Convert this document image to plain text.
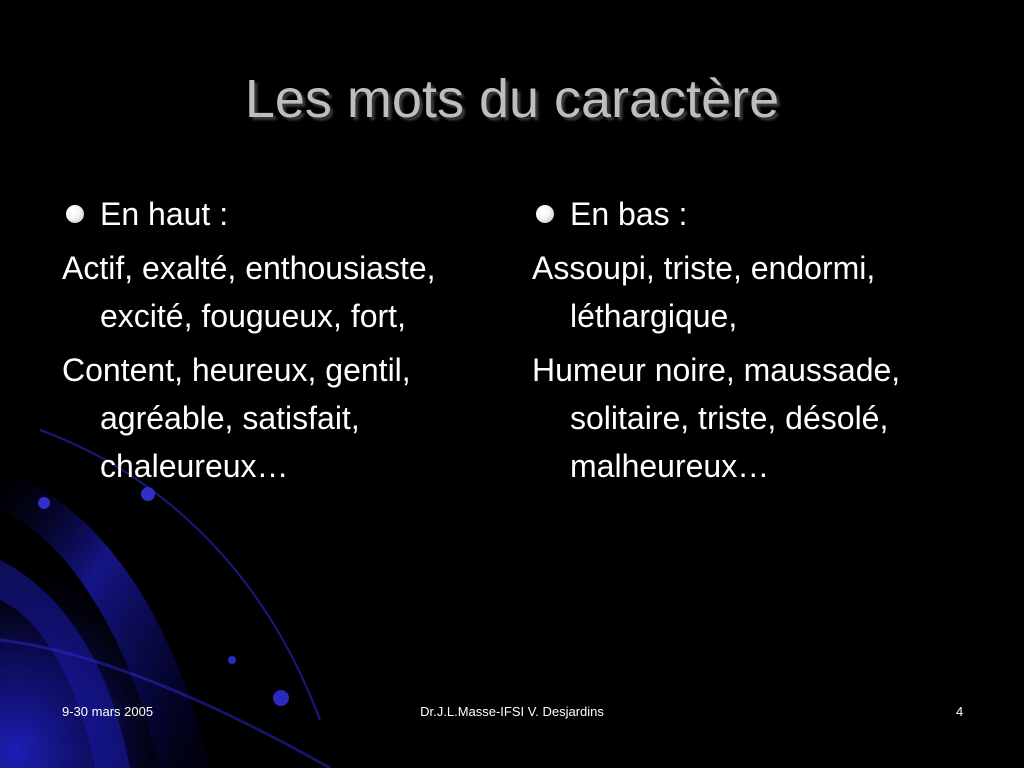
Les mots du caractère
En haut :
Actif, exalté, enthousiaste, excité, fougueux, fort,
Content, heureux, gentil, agréable, satisfait, chaleureux…
En bas :
Assoupi, triste, endormi, léthargique,
Humeur noire, maussade, solitaire, triste, désolé, malheureux…
9-30 mars 2005	Dr.J.L.Masse-IFSI V. Desjardins	4
